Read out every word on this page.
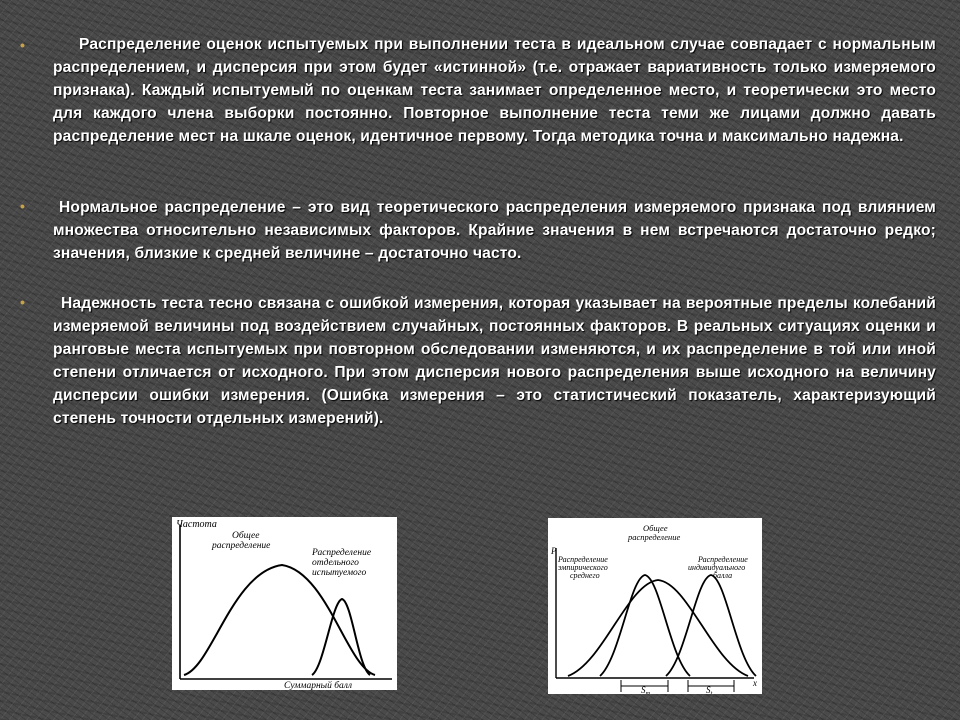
•	Распределение оценок испытуемых при выполнении теста в идеальном случае совпадает с нормальным распределением, и дисперсия при этом будет «истинной» (т.е. отражает вариативность только измеряемого признака). Каждый испытуемый по оценкам теста занимает определенное место, и теоретически это место для каждого члена выборки постоянно. Повторное выполнение теста теми же лицами должно давать распределение мест на шкале оценок, идентичное первому. Тогда методика точна и максимально надежна.
•	Нормальное распределение – это вид теоретического распределения измеряемого признака под влиянием множества относительно независимых факторов. Крайние значения в нем встречаются достаточно редко; значения, близкие к средней величине – достаточно часто.
•	Надежность теста тесно связана с ошибкой измерения, которая указывает на вероятные пределы колебаний измеряемой величины под воздействием случайных, постоянных факторов. В реальных ситуациях оценки и ранговые места испытуемых при повторном обследовании изменяются, и их распределение в той или иной степени отличается от исходного. При этом дисперсия нового распределения выше исходного на величину дисперсии ошибки измерения. (Ошибка измерения – это статистический показатель, характеризующий степень точности отдельных измерений).
Частота
Суммарный балл
Общее
распределение
Распределение
отдельного
испытуемого
P
x
$S_m$	$S_t$
Общее
распределение
Распределение
эмпирического
среднего
Распределение
индивидуального
балла
